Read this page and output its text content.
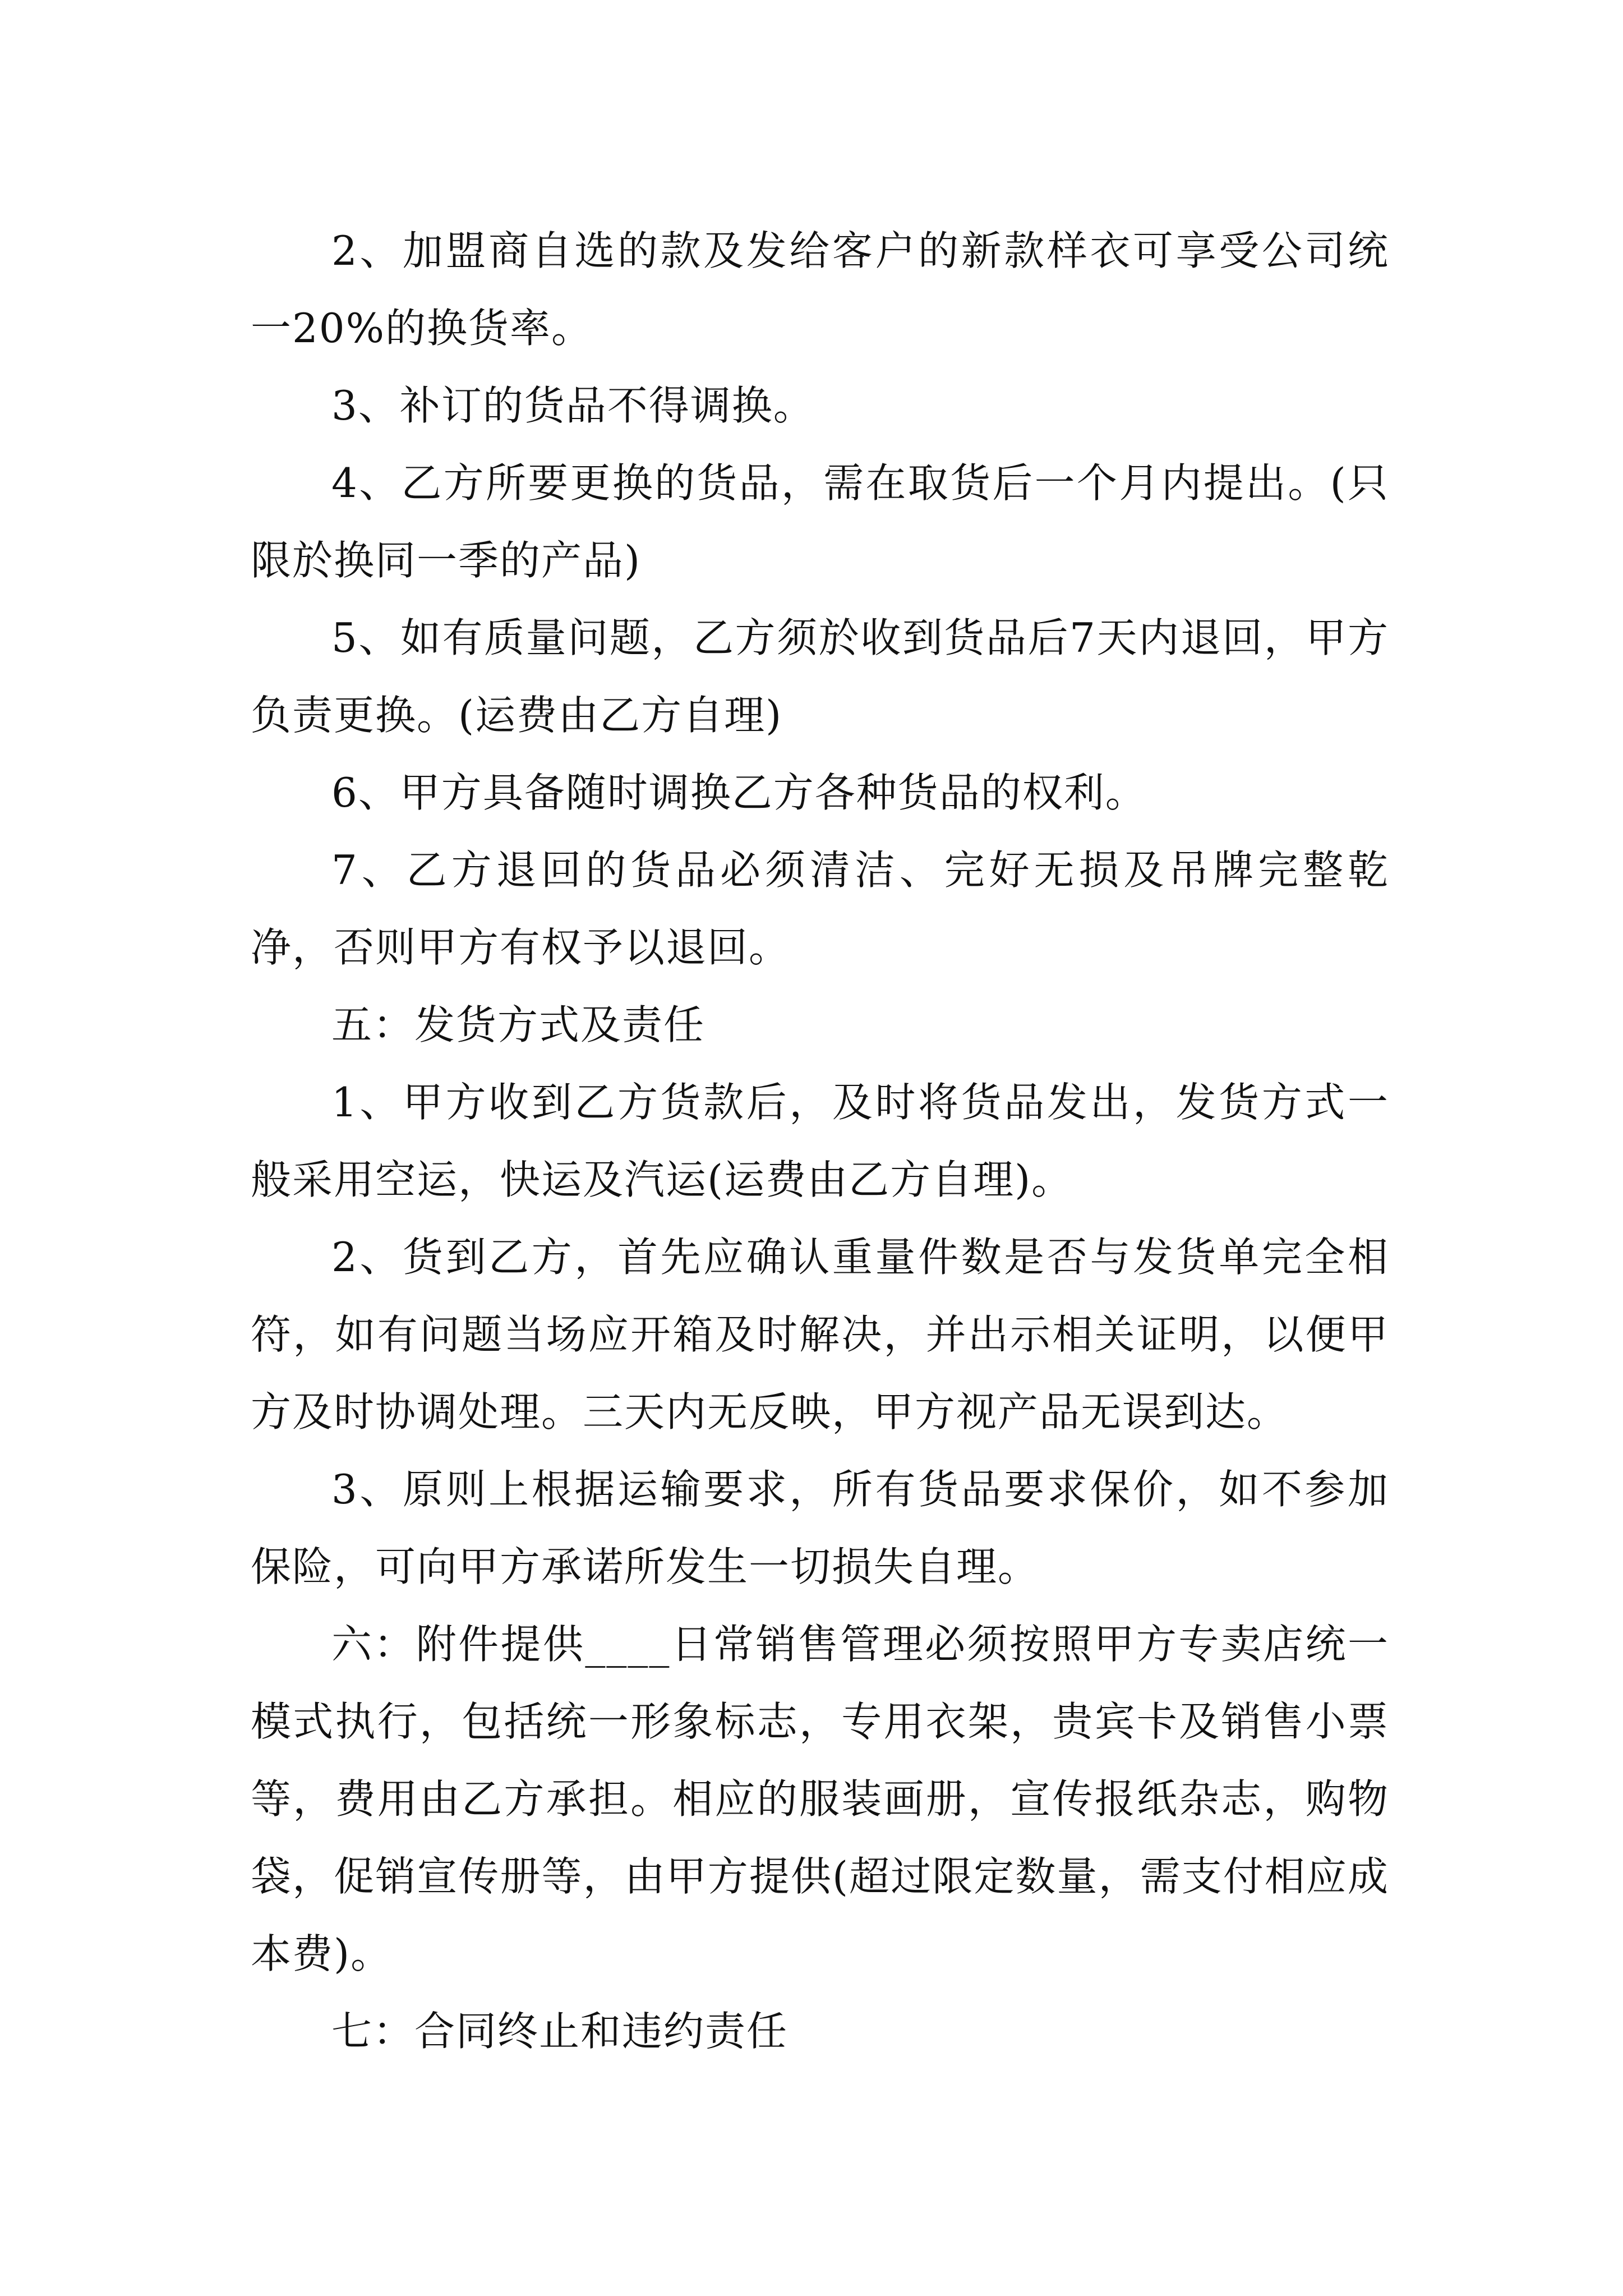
2、加盟商自选的款及发给客户的新款样衣可享受公司统一20%的换货率。

3、补订的货品不得调换。

4、乙方所要更换的货品，需在取货后一个月内提出。(只限於换同一季的产品)

5、如有质量问题，乙方须於收到货品后7天内退回，甲方负责更换。(运费由乙方自理)

6、甲方具备随时调换乙方各种货品的权利。

7、乙方退回的货品必须清洁、完好无损及吊牌完整乾净，否则甲方有权予以退回。

五：发货方式及责任

1、甲方收到乙方货款后，及时将货品发出，发货方式一般采用空运，快运及汽运(运费由乙方自理)。

2、货到乙方，首先应确认重量件数是否与发货单完全相符，如有问题当场应开箱及时解决，并出示相关证明，以便甲方及时协调处理。三天内无反映，甲方视产品无误到达。

3、原则上根据运输要求，所有货品要求保价，如不参加保险，可向甲方承诺所发生一切损失自理。

六：附件提供____日常销售管理必须按照甲方专卖店统一模式执行，包括统一形象标志，专用衣架，贵宾卡及销售小票等，费用由乙方承担。相应的服装画册，宣传报纸杂志，购物袋，促销宣传册等，由甲方提供(超过限定数量，需支付相应成本费)。

七：合同终止和违约责任
